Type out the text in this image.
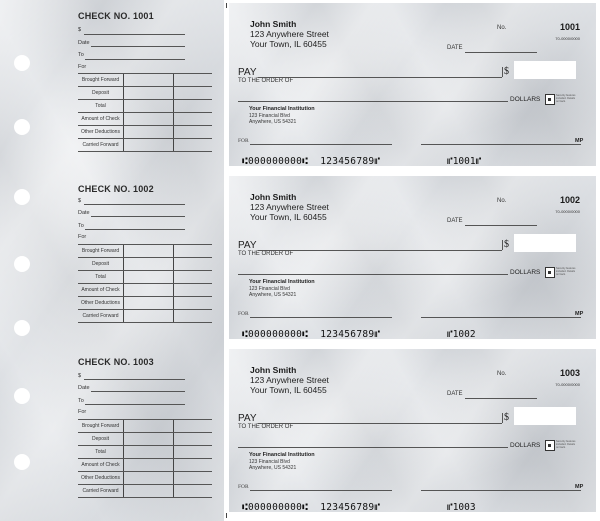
CHECK NO. 1001
$
Date
To
For
Brought Forward		
Deposit		
Total		
Amount of Check		
Other Deductions		
Carried Forward		
CHECK NO. 1002
$
Date
To
For
Brought Forward		
Deposit		
Total		
Amount of Check		
Other Deductions		
Carried Forward		
CHECK NO. 1003
$
Date
To
For
Brought Forward		
Deposit		
Total		
Amount of Check		
Other Deductions		
Carried Forward		
John Smith
123 Anywhere Street
Your Town, IL 60455
No.	1001
70-0000/0000
DATE
PAY
TO THE ORDER OF
$
DOLLARS
Security features included. Details on back.
Your Financial Institution
123 Financial Blvd
Anywhere, US 54321
FOR	MP
⑆000000000⑆  123456789⑈	⑈1001⑈
John Smith
123 Anywhere Street
Your Town, IL 60455
No.	1002
70-0000/0000
DATE
PAY
TO THE ORDER OF
$
DOLLARS
Security features included. Details on back.
Your Financial Institution
123 Financial Blvd
Anywhere, US 54321
FOR	MP
⑆000000000⑆  123456789⑈	⑈1002
John Smith
123 Anywhere Street
Your Town, IL 60455
No.	1003
70-0000/0000
DATE
PAY
TO THE ORDER OF
$
DOLLARS
Security features included. Details on back.
Your Financial Institution
123 Financial Blvd
Anywhere, US 54321
FOR	MP
⑆000000000⑆  123456789⑈	⑈1003
